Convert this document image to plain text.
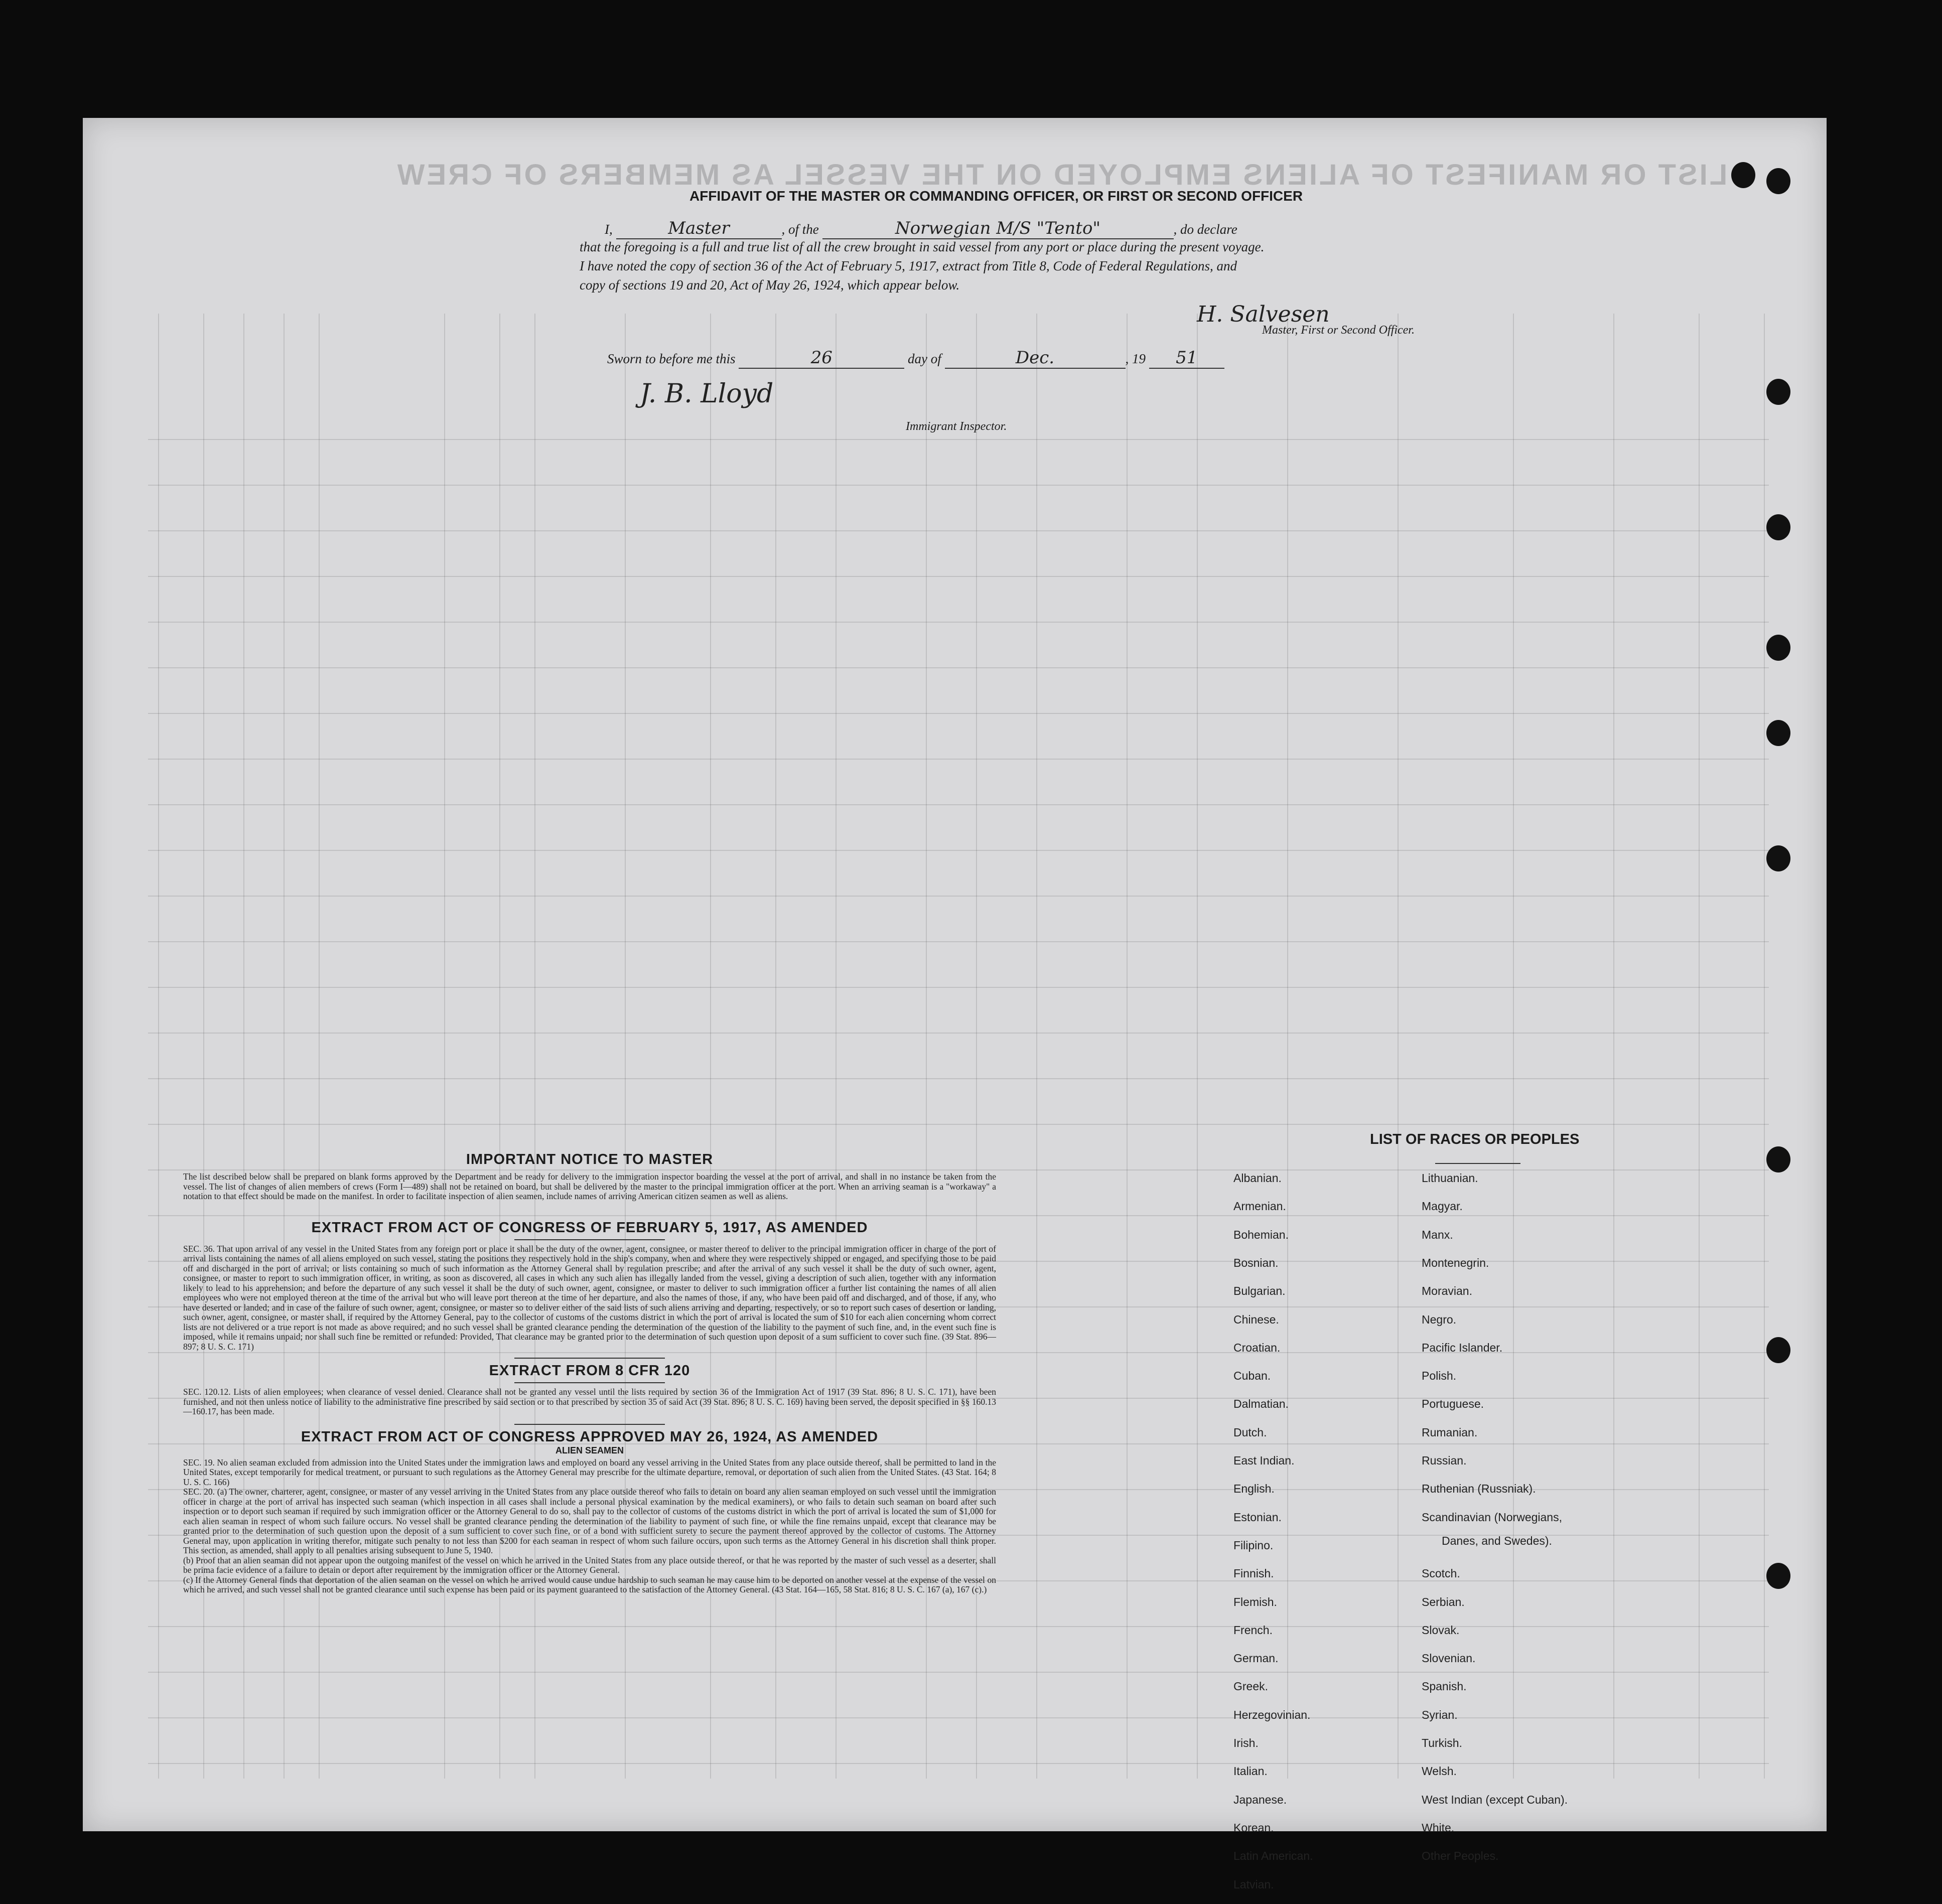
LIST OR MANIFEST OF ALIENS EMPLOYED ON THE VESSEL AS MEMBERS OF CREW
AFFIDAVIT OF THE MASTER OR COMMANDING OFFICER, OR FIRST OR SECOND OFFICER
I,	Master	, of the	Norwegian M/S "Tento"	, do declare
that the foregoing is a full and true list of all the crew brought in said vessel from any port or place during the present voyage.
I have noted the copy of section 36 of the Act of February 5, 1917, extract from Title 8, Code of Federal Regulations, and
copy of sections 19 and 20, Act of May 26, 1924, which appear below.
H. Salvesen
Master, First or Second Officer.
Sworn to before me this	26	day of	Dec.	, 19 51
J. B. Lloyd
Immigrant Inspector.

IMPORTANT NOTICE TO MASTER

The list described below shall be prepared on blank forms approved by the Department and be ready for delivery to the immigration inspector boarding the vessel at the port of arrival, and shall in no instance be taken from the vessel. The list of changes of alien members of crews (Form I—489) shall not be retained on board, but shall be delivered by the master to the principal immigration officer at the port. When an arriving seaman is a "workaway" a notation to that effect should be made on the manifest. In order to facilitate inspection of alien seamen, include names of arriving American citizen seamen as well as aliens.

EXTRACT FROM ACT OF CONGRESS OF FEBRUARY 5, 1917, AS AMENDED

SEC. 36. That upon arrival of any vessel in the United States from any foreign port or place it shall be the duty of the owner, agent, consignee, or master thereof to deliver to the principal immigration officer in charge of the port of arrival lists containing the names of all aliens employed on such vessel, stating the positions they respectively hold in the ship's company, when and where they were respectively shipped or engaged, and specifying those to be paid off and discharged in the port of arrival; or lists containing so much of such information as the Attorney General shall by regulation prescribe; and after the arrival of any such vessel it shall be the duty of such owner, agent, consignee, or master to report to such immigration officer, in writing, as soon as discovered, all cases in which any such alien has illegally landed from the vessel, giving a description of such alien, together with any information likely to lead to his apprehension; and before the departure of any such vessel it shall be the duty of such owner, agent, consignee, or master to deliver to such immigration officer a further list containing the names of all alien employees who were not employed thereon at the time of the arrival but who will leave port thereon at the time of her departure, and also the names of those, if any, who have been paid off and discharged, and of those, if any, who have deserted or landed; and in case of the failure of such owner, agent, consignee, or master so to deliver either of the said lists of such aliens arriving and departing, respectively, or so to report such cases of desertion or landing, such owner, agent, consignee, or master shall, if required by the Attorney General, pay to the collector of customs of the customs district in which the port of arrival is located the sum of $10 for each alien concerning whom correct lists are not delivered or a true report is not made as above required; and no such vessel shall be granted clearance pending the determination of the question of the liability to the payment of such fine, and, in the event such fine is imposed, while it remains unpaid; nor shall such fine be remitted or refunded: Provided, That clearance may be granted prior to the determination of such question upon deposit of a sum sufficient to cover such fine. (39 Stat. 896—897; 8 U. S. C. 171)

EXTRACT FROM 8 CFR 120

SEC. 120.12. Lists of alien employees; when clearance of vessel denied. Clearance shall not be granted any vessel until the lists required by section 36 of the Immigration Act of 1917 (39 Stat. 896; 8 U. S. C. 171), have been furnished, and not then unless notice of liability to the administrative fine prescribed by said section or to that prescribed by section 35 of said Act (39 Stat. 896; 8 U. S. C. 169) having been served, the deposit specified in §§ 160.13—160.17, has been made.

EXTRACT FROM ACT OF CONGRESS APPROVED MAY 26, 1924, AS AMENDED

ALIEN SEAMEN

SEC. 19. No alien seaman excluded from admission into the United States under the immigration laws and employed on board any vessel arriving in the United States from any place outside thereof, shall be permitted to land in the United States, except temporarily for medical treatment, or pursuant to such regulations as the Attorney General may prescribe for the ultimate departure, removal, or deportation of such alien from the United States. (43 Stat. 164; 8 U. S. C. 166)

SEC. 20. (a) The owner, charterer, agent, consignee, or master of any vessel arriving in the United States from any place outside thereof who fails to detain on board any alien seaman employed on such vessel until the immigration officer in charge at the port of arrival has inspected such seaman (which inspection in all cases shall include a personal physical examination by the medical examiners), or who fails to detain such seaman on board after such inspection or to deport such seaman if required by such immigration officer or the Attorney General to do so, shall pay to the collector of customs of the customs district in which the port of arrival is located the sum of $1,000 for each alien seaman in respect of whom such failure occurs. No vessel shall be granted clearance pending the determination of the liability to payment of such fine, or while the fine remains unpaid, except that clearance may be granted prior to the determination of such question upon the deposit of a sum sufficient to cover such fine, or of a bond with sufficient surety to secure the payment thereof approved by the collector of customs. The Attorney General may, upon application in writing therefor, mitigate such penalty to not less than $200 for each seaman in respect of whom such failure occurs, upon such terms as the Attorney General in his discretion shall think proper. This section, as amended, shall apply to all penalties arising subsequent to June 5, 1940.

(b) Proof that an alien seaman did not appear upon the outgoing manifest of the vessel on which he arrived in the United States from any place outside thereof, or that he was reported by the master of such vessel as a deserter, shall be prima facie evidence of a failure to detain or deport after requirement by the immigration officer or the Attorney General.

(c) If the Attorney General finds that deportation of the alien seaman on the vessel on which he arrived would cause undue hardship to such seaman he may cause him to be deported on another vessel at the expense of the vessel on which he arrived, and such vessel shall not be granted clearance until such expense has been paid or its payment guaranteed to the satisfaction of the Attorney General. (43 Stat. 164—165, 58 Stat. 816; 8 U. S. C. 167 (a), 167 (c).)

LIST OF RACES OR PEOPLES
Albanian.
Armenian.
Bohemian.
Bosnian.
Bulgarian.
Chinese.
Croatian.
Cuban.
Dalmatian.
Dutch.
East Indian.
English.
Estonian.
Filipino.
Finnish.
Flemish.
French.
German.
Greek.
Herzegovinian.
Irish.
Italian.
Japanese.
Korean.
Latin American.
Latvian.
Lithuanian.
Magyar.
Manx.
Montenegrin.
Moravian.
Negro.
Pacific Islander.
Polish.
Portuguese.
Rumanian.
Russian.
Ruthenian (Russniak).
Scandinavian (Norwegians,
Danes, and Swedes).
Scotch.
Serbian.
Slovak.
Slovenian.
Spanish.
Syrian.
Turkish.
Welsh.
West Indian (except Cuban).
White.
Other Peoples.
